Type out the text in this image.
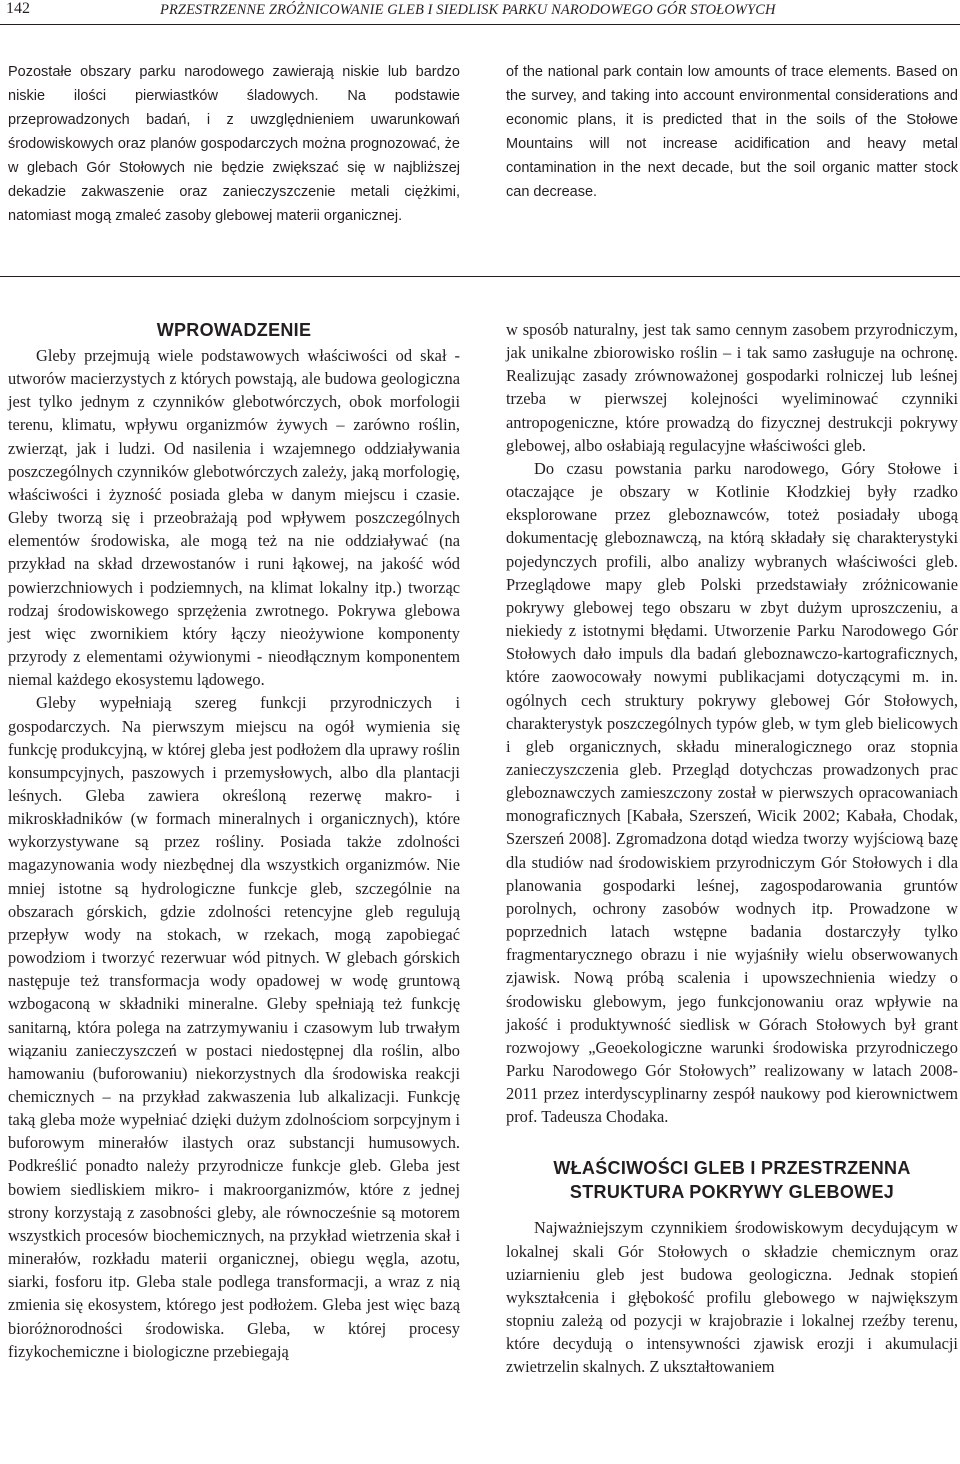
142	PRZESTRZENNE ZRÓŻNICOWANIE GLEB I SIEDLISK PARKU NARODOWEGO GÓR STOŁOWYCH

Pozostałe obszary parku narodowego zawierają niskie lub bardzo niskie ilości pierwiastków śladowych. Na podstawie przeprowadzonych badań, i z uwzględnieniem uwarunkowań środowiskowych oraz planów gospodarczych można prognozować, że w glebach Gór Stołowych nie będzie zwiększać się w najbliższej dekadzie zakwaszenie oraz zanieczyszczenie metali ciężkimi, natomiast mogą zmaleć zasoby glebowej materii organicznej.

of the national park contain low amounts of trace elements. Based on the survey, and taking into account environmental considerations and economic plans, it is predicted that in the soils of the Stołowe Mountains will not increase acidification and heavy metal contamination in the next decade, but the soil organic matter stock can decrease.

WPROWADZENIE

Gleby przejmują wiele podstawowych właściwości od skał - utworów macierzystych z których powstają, ale budowa geologiczna jest tylko jednym z czynników glebotwórczych, obok morfologii terenu, klimatu, wpływu organizmów żywych – zarówno roślin, zwierząt, jak i ludzi. Od nasilenia i wzajemnego oddziaływania poszczególnych czynników glebotwórczych zależy, jaką morfologię, właściwości i żyzność posiada gleba w danym miejscu i czasie. Gleby tworzą się i przeobrażają pod wpływem poszczególnych elementów środowiska, ale mogą też na nie oddziaływać (na przykład na skład drzewostanów i runi łąkowej, na jakość wód powierzchniowych i podziemnych, na klimat lokalny itp.) tworząc rodzaj środowiskowego sprzężenia zwrotnego. Pokrywa glebowa jest więc zwornikiem który łączy nieożywione komponenty przyrody z elementami ożywionymi - nieodłącznym komponentem niemal każdego ekosystemu lądowego.

Gleby wypełniają szereg funkcji przyrodniczych i gospodarczych. Na pierwszym miejscu na ogół wymienia się funkcję produkcyjną, w której gleba jest podłożem dla uprawy roślin konsumpcyjnych, paszowych i przemysłowych, albo dla plantacji leśnych. Gleba zawiera określoną rezerwę makro- i mikroskładników (w formach mineralnych i organicznych), które wykorzystywane są przez rośliny. Posiada także zdolności magazynowania wody niezbędnej dla wszystkich organizmów. Nie mniej istotne są hydrologiczne funkcje gleb, szczególnie na obszarach górskich, gdzie zdolności retencyjne gleb regulują przepływ wody na stokach, w rzekach, mogą zapobiegać powodziom i tworzyć rezerwuar wód pitnych. W glebach górskich następuje też transformacja wody opadowej w wodę gruntową wzbogaconą w składniki mineralne. Gleby spełniają też funkcję sanitarną, która polega na zatrzymywaniu i czasowym lub trwałym wiązaniu zanieczyszczeń w postaci niedostępnej dla roślin, albo hamowaniu (buforowaniu) niekorzystnych dla środowiska reakcji chemicznych – na przykład zakwaszenia lub alkalizacji. Funkcję taką gleba może wypełniać dzięki dużym zdolnościom sorpcyjnym i buforowym minerałów ilastych oraz substancji humusowych. Podkreślić ponadto należy przyrodnicze funkcje gleb. Gleba jest bowiem siedliskiem mikro- i makroorganizmów, które z jednej strony korzystają z zasobności gleby, ale równocześnie są motorem wszystkich procesów biochemicznych, na przykład wietrzenia skał i minerałów, rozkładu materii organicznej, obiegu węgla, azotu, siarki, fosforu itp. Gleba stale podlega transformacji, a wraz z nią zmienia się ekosystem, którego jest podłożem. Gleba jest więc bazą bioróżnorodności środowiska. Gleba, w której procesy fizykochemiczne i biologiczne przebiegają

w sposób naturalny, jest tak samo cennym zasobem przyrodniczym, jak unikalne zbiorowisko roślin – i tak samo zasługuje na ochronę. Realizując zasady zrównoważonej gospodarki rolniczej lub leśnej trzeba w pierwszej kolejności wyeliminować czynniki antropogeniczne, które prowadzą do fizycznej destrukcji pokrywy glebowej, albo osłabiają regulacyjne właściwości gleb.

Do czasu powstania parku narodowego, Góry Stołowe i otaczające je obszary w Kotlinie Kłodzkiej były rzadko eksplorowane przez gleboznawców, toteż posiadały ubogą dokumentację gleboznawczą, na którą składały się charakterystyki pojedynczych profili, albo analizy wybranych właściwości gleb. Przeglądowe mapy gleb Polski przedstawiały zróżnicowanie pokrywy glebowej tego obszaru w zbyt dużym uproszczeniu, a niekiedy z istotnymi błędami. Utworzenie Parku Narodowego Gór Stołowych dało impuls dla badań gleboznawczo-kartograficznych, które zaowocowały nowymi publikacjami dotyczącymi m. in. ogólnych cech struktury pokrywy glebowej Gór Stołowych, charakterystyk poszczególnych typów gleb, w tym gleb bielicowych i gleb organicznych, składu mineralogicznego oraz stopnia zanieczyszczenia gleb. Przegląd dotychczas prowadzonych prac gleboznawczych zamieszczony został w pierwszych opracowaniach monograficznych [Kabała, Szerszeń, Wicik 2002; Kabała, Chodak, Szerszeń 2008]. Zgromadzona dotąd wiedza tworzy wyjściową bazę dla studiów nad środowiskiem przyrodniczym Gór Stołowych i dla planowania gospodarki leśnej, zagospodarowania gruntów porolnych, ochrony zasobów wodnych itp. Prowadzone w poprzednich latach wstępne badania dostarczyły tylko fragmentarycznego obrazu i nie wyjaśniły wielu obserwowanych zjawisk. Nową próbą scalenia i upowszechnienia wiedzy o środowisku glebowym, jego funkcjonowaniu oraz wpływie na jakość i produktywność siedlisk w Górach Stołowych był grant rozwojowy „Geoekologiczne warunki środowiska przyrodniczego Parku Narodowego Gór Stołowych” realizowany w latach 2008-2011 przez interdyscyplinarny zespół naukowy pod kierownictwem prof. Tadeusza Chodaka.

WŁAŚCIWOŚCI GLEB I PRZESTRZENNA
STRUKTURA POKRYWY GLEBOWEJ

Najważniejszym czynnikiem środowiskowym decydującym w lokalnej skali Gór Stołowych o składzie chemicznym oraz uziarnieniu gleb jest budowa geologiczna. Jednak stopień wykształcenia i głębokość profilu glebowego w największym stopniu zależą od pozycji w krajobrazie i lokalnej rzeźby terenu, które decydują o intensywności zjawisk erozji i akumulacji zwietrzelin skalnych. Z ukształtowaniem
